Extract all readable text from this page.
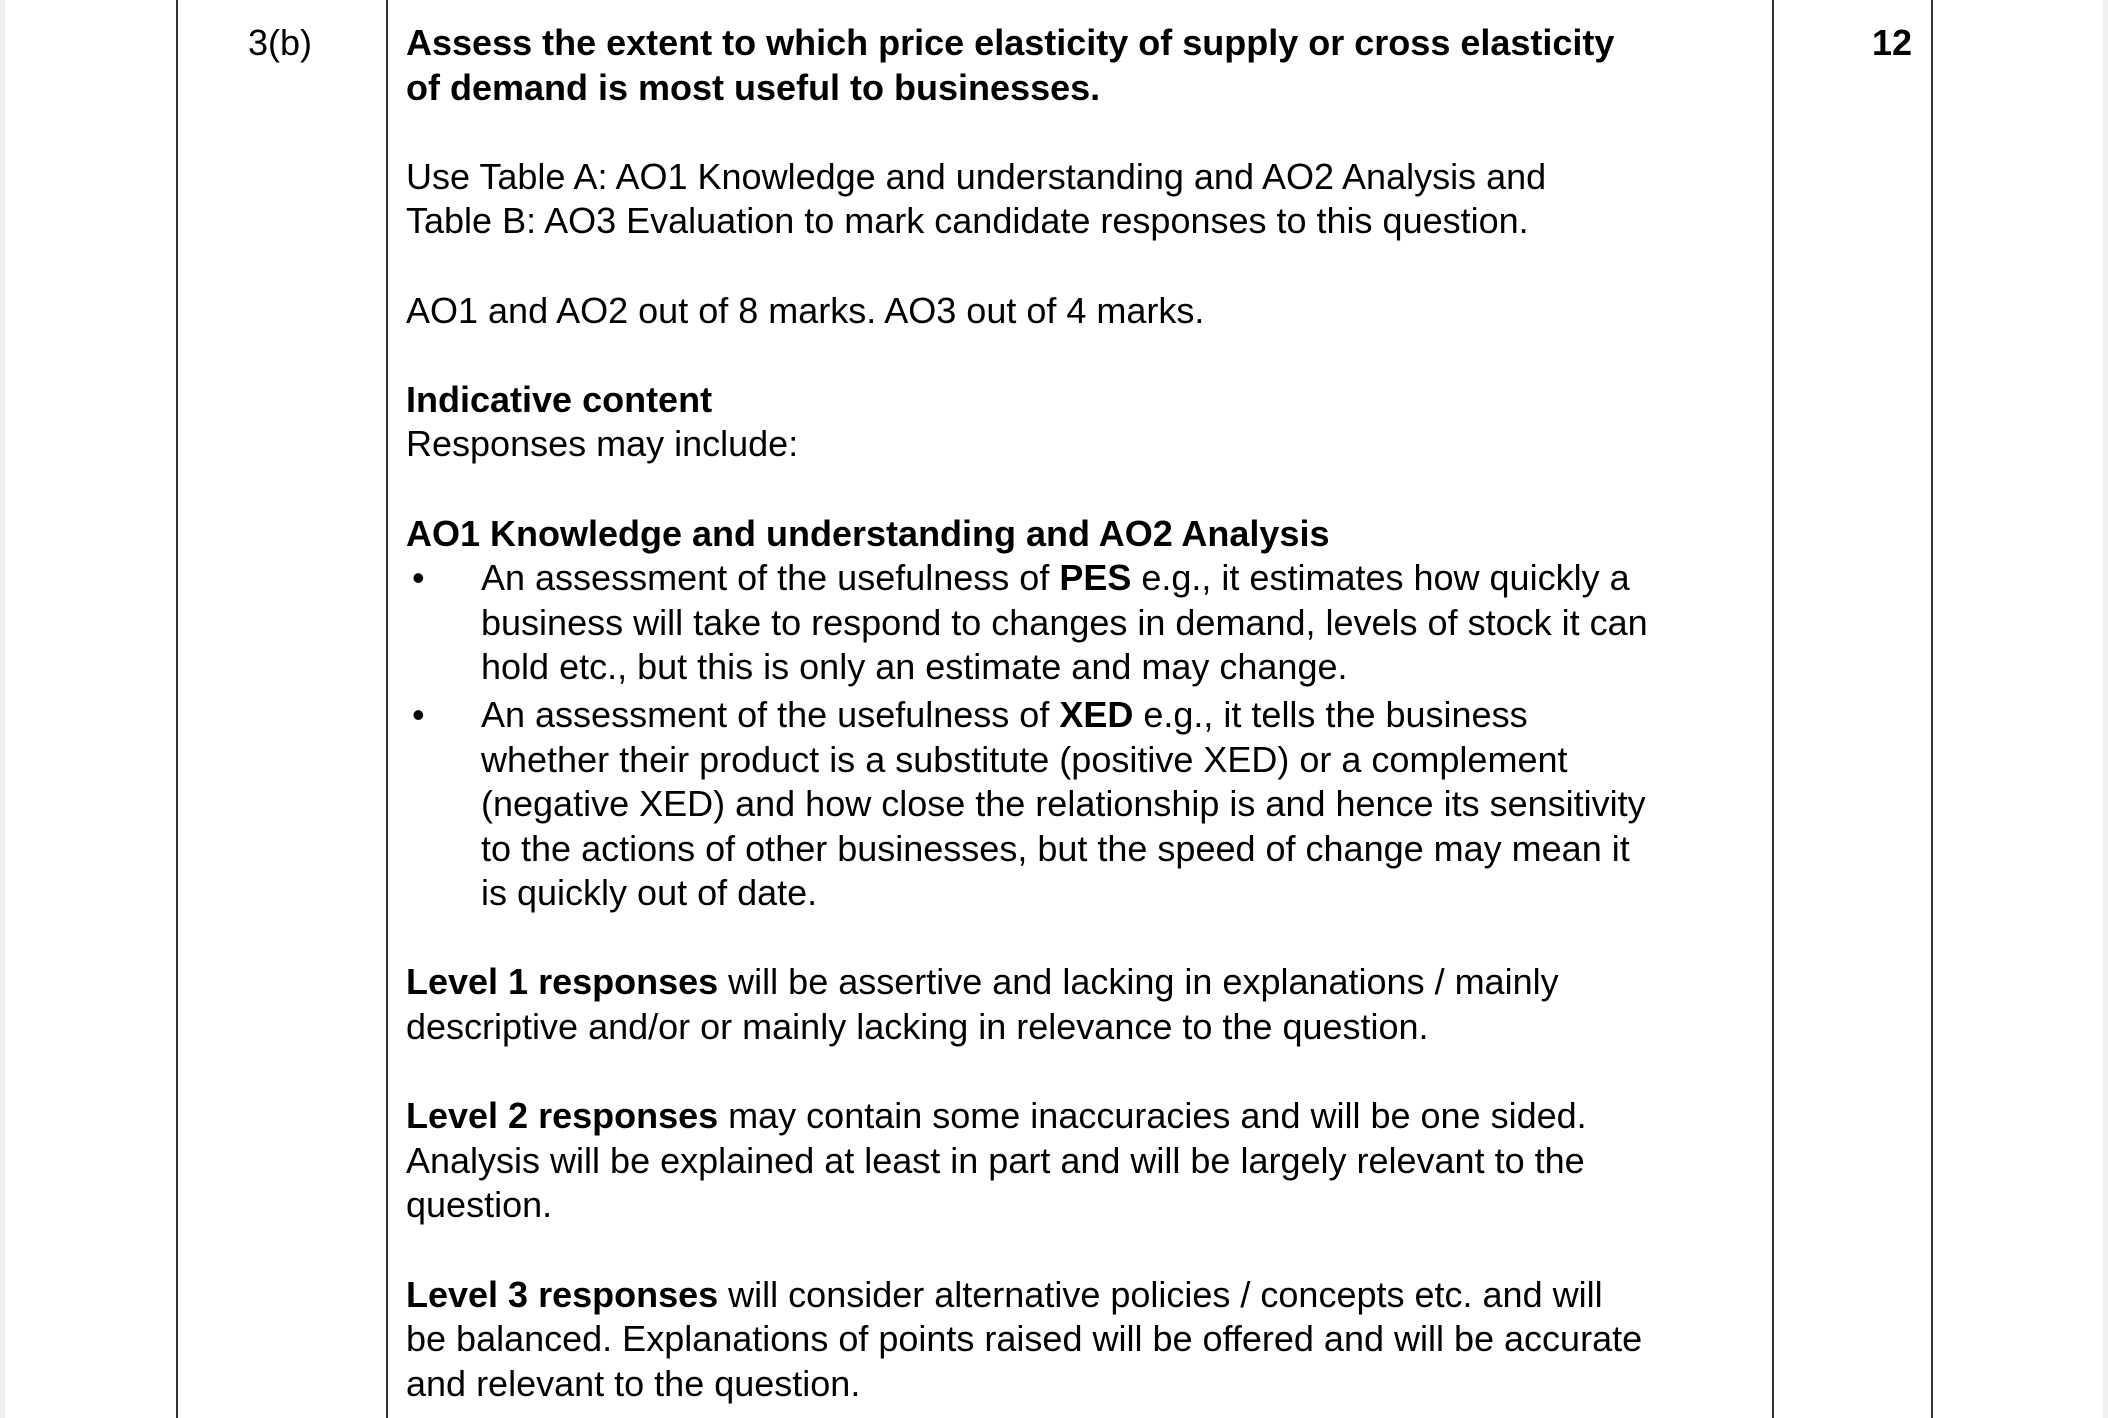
3(b)	12
Assess the extent to which price elasticity of supply or cross elasticity
of demand is most useful to businesses.
Use Table A: AO1 Knowledge and understanding and AO2 Analysis and
Table B: AO3 Evaluation to mark candidate responses to this question.
AO1 and AO2 out of 8 marks. AO3 out of 4 marks.
Indicative content
Responses may include:
AO1 Knowledge and understanding and AO2 Analysis
• An assessment of the usefulness of PES e.g., it estimates how quickly a
business will take to respond to changes in demand, levels of stock it can
hold etc., but this is only an estimate and may change.
• An assessment of the usefulness of XED e.g., it tells the business
whether their product is a substitute (positive XED) or a complement
(negative XED) and how close the relationship is and hence its sensitivity
to the actions of other businesses, but the speed of change may mean it
is quickly out of date.
Level 1 responses will be assertive and lacking in explanations / mainly
descriptive and/or or mainly lacking in relevance to the question.
Level 2 responses may contain some inaccuracies and will be one sided.
Analysis will be explained at least in part and will be largely relevant to the
question.
Level 3 responses will consider alternative policies / concepts etc. and will
be balanced. Explanations of points raised will be offered and will be accurate
and relevant to the question.
